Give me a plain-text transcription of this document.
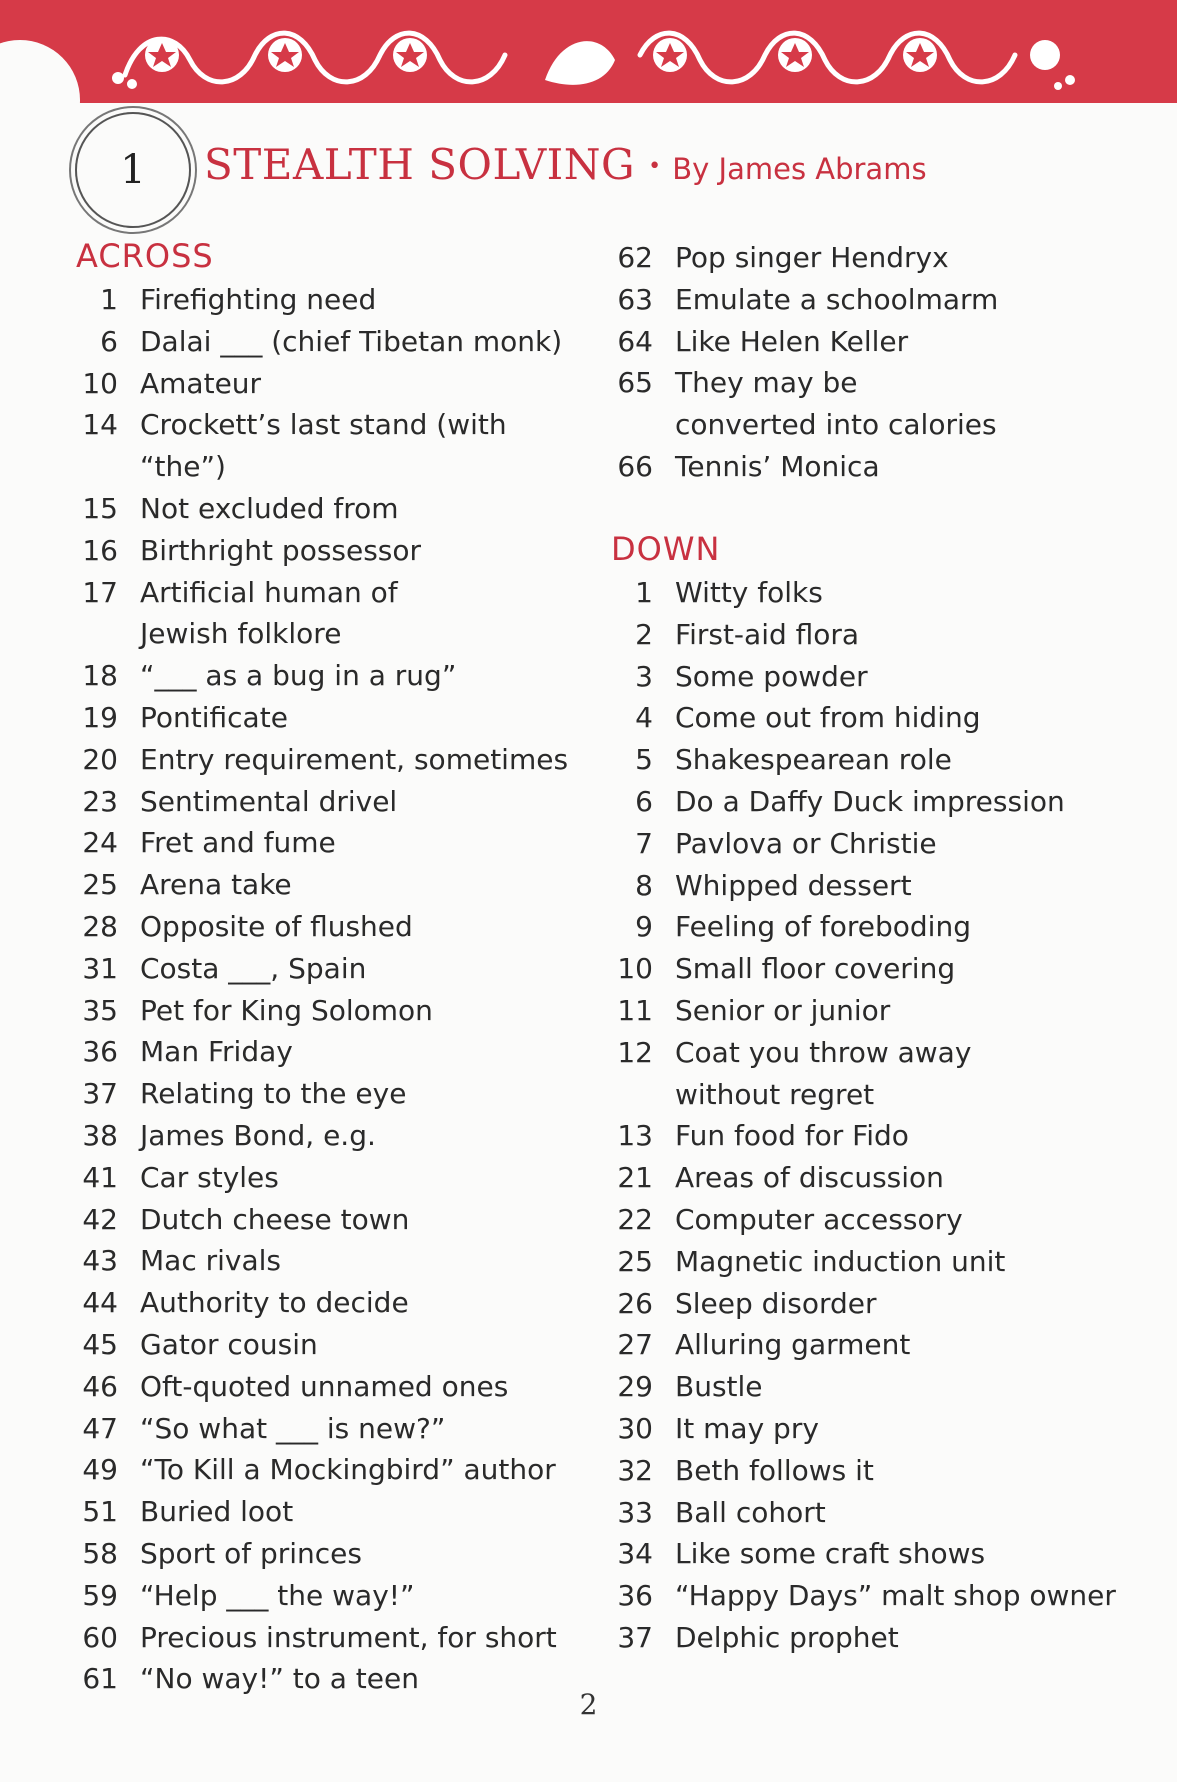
1 STEALTH SOLVING • By James Abrams
ACROSS
1 Firefighting need
6 Dalai ___ (chief Tibetan monk)
10 Amateur
14 Crockett’s last stand (with “the”)
15 Not excluded from
16 Birthright possessor
17 Artificial human of Jewish folklore
18 “___ as a bug in a rug”
19 Pontificate
20 Entry requirement, sometimes
23 Sentimental drivel
24 Fret and fume
25 Arena take
28 Opposite of flushed
31 Costa ___, Spain
35 Pet for King Solomon
36 Man Friday
37 Relating to the eye
38 James Bond, e.g.
41 Car styles
42 Dutch cheese town
43 Mac rivals
44 Authority to decide
45 Gator cousin
46 Oft-quoted unnamed ones
47 “So what ___ is new?”
49 “To Kill a Mockingbird” author
51 Buried loot
58 Sport of princes
59 “Help ___ the way!”
60 Precious instrument, for short
61 “No way!” to a teen
62 Pop singer Hendryx
63 Emulate a schoolmarm
64 Like Helen Keller
65 They may be converted into calories
66 Tennis’ Monica
DOWN
1 Witty folks
2 First-aid flora
3 Some powder
4 Come out from hiding
5 Shakespearean role
6 Do a Daffy Duck impression
7 Pavlova or Christie
8 Whipped dessert
9 Feeling of foreboding
10 Small floor covering
11 Senior or junior
12 Coat you throw away without regret
13 Fun food for Fido
21 Areas of discussion
22 Computer accessory
25 Magnetic induction unit
26 Sleep disorder
27 Alluring garment
29 Bustle
30 It may pry
32 Beth follows it
33 Ball cohort
34 Like some craft shows
36 “Happy Days” malt shop owner
37 Delphic prophet
2
